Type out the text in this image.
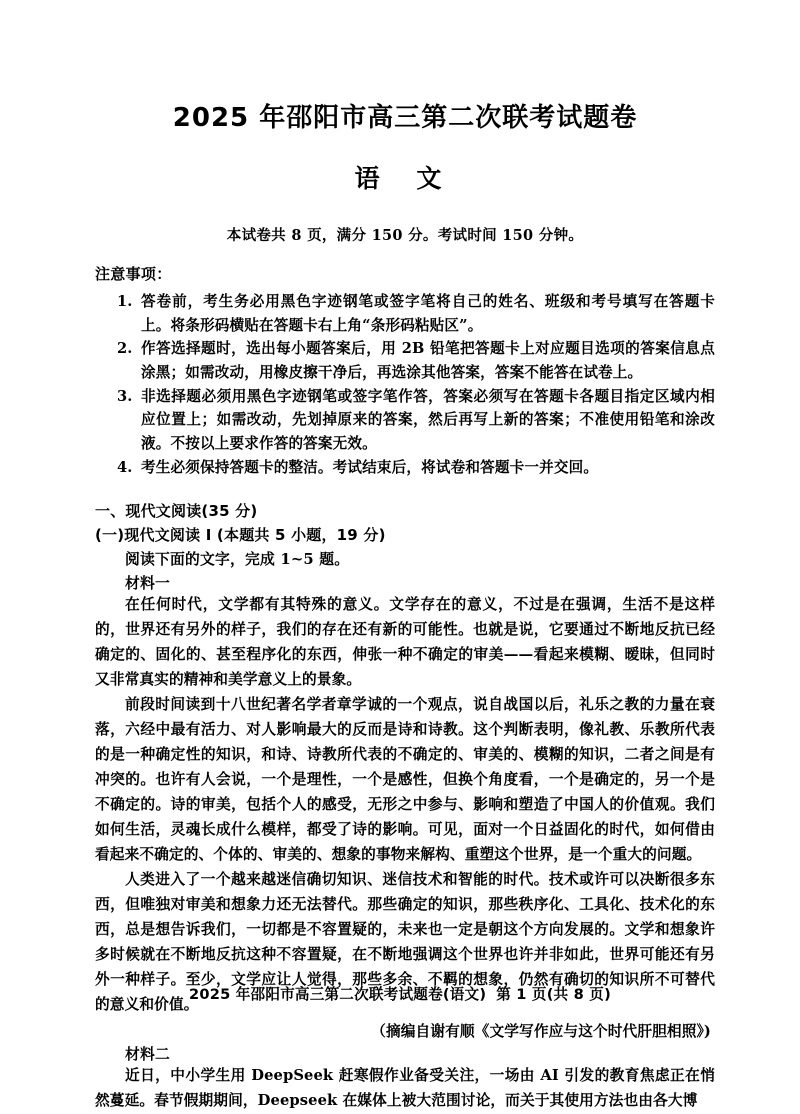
2025 年邵阳市高三第二次联考试题卷
语 文

本试卷共 8 页，满分 150 分。考试时间 150 分钟。

注意事项：

1. 答卷前，考生务必用黑色字迹钢笔或签字笔将自己的姓名、班级和考号填写在答题卡上。将条形码横贴在答题卡右上角“条形码粘贴区”。
2. 作答选择题时，选出每小题答案后，用 2B 铅笔把答题卡上对应题目选项的答案信息点涂黑；如需改动，用橡皮擦干净后，再选涂其他答案，答案不能答在试卷上。
3. 非选择题必须用黑色字迹钢笔或签字笔作答，答案必须写在答题卡各题目指定区域内相应位置上；如需改动，先划掉原来的答案，然后再写上新的答案；不准使用铅笔和涂改液。不按以上要求作答的答案无效。
4. 考生必须保持答题卡的整洁。考试结束后，将试卷和答题卡一并交回。

一、现代文阅读(35 分)

(一)现代文阅读 I (本题共 5 小题，19 分)

阅读下面的文字，完成 1~5 题。

材料一

在任何时代，文学都有其特殊的意义。文学存在的意义，不过是在强调，生活不是这样的，世界还有另外的样子，我们的存在还有新的可能性。也就是说，它要通过不断地反抗已经确定的、固化的、甚至程序化的东西，伸张一种不确定的审美——看起来模糊、暧昧，但同时又非常真实的精神和美学意义上的景象。

前段时间读到十八世纪著名学者章学诚的一个观点，说自战国以后，礼乐之教的力量在衰落，六经中最有活力、对人影响最大的反而是诗和诗教。这个判断表明，像礼教、乐教所代表的是一种确定性的知识，和诗、诗教所代表的不确定的、审美的、模糊的知识，二者之间是有冲突的。也许有人会说，一个是理性，一个是感性，但换个角度看，一个是确定的，另一个是不确定的。诗的审美，包括个人的感受，无形之中参与、影响和塑造了中国人的价值观。我们如何生活，灵魂长成什么模样，都受了诗的影响。可见，面对一个日益固化的时代，如何借由看起来不确定的、个体的、审美的、想象的事物来解构、重塑这个世界，是一个重大的问题。

人类进入了一个越来越迷信确切知识、迷信技术和智能的时代。技术或许可以决断很多东西，但唯独对审美和想象力还无法替代。那些确定的知识，那些秩序化、工具化、技术化的东西，总是想告诉我们，一切都是不容置疑的，未来也一定是朝这个方向发展的。文学和想象许多时候就在不断地反抗这种不容置疑，在不断地强调这个世界也许并非如此，世界可能还有另外一种样子。至少，文学应让人觉得，那些多余、不羁的想象，仍然有确切的知识所不可替代的意义和价值。

（摘编自谢有顺《文学写作应与这个时代肝胆相照》)

材料二

近日，中小学生用 DeepSeek 赶寒假作业备受关注，一场由 AI 引发的教育焦虑正在悄然蔓延。春节假期期间，Deepseek 在媒体上被大范围讨论，而关于其使用方法也由各大博

2025 年邵阳市高三第二次联考试题卷(语文) 第 1 页(共 8 页)
